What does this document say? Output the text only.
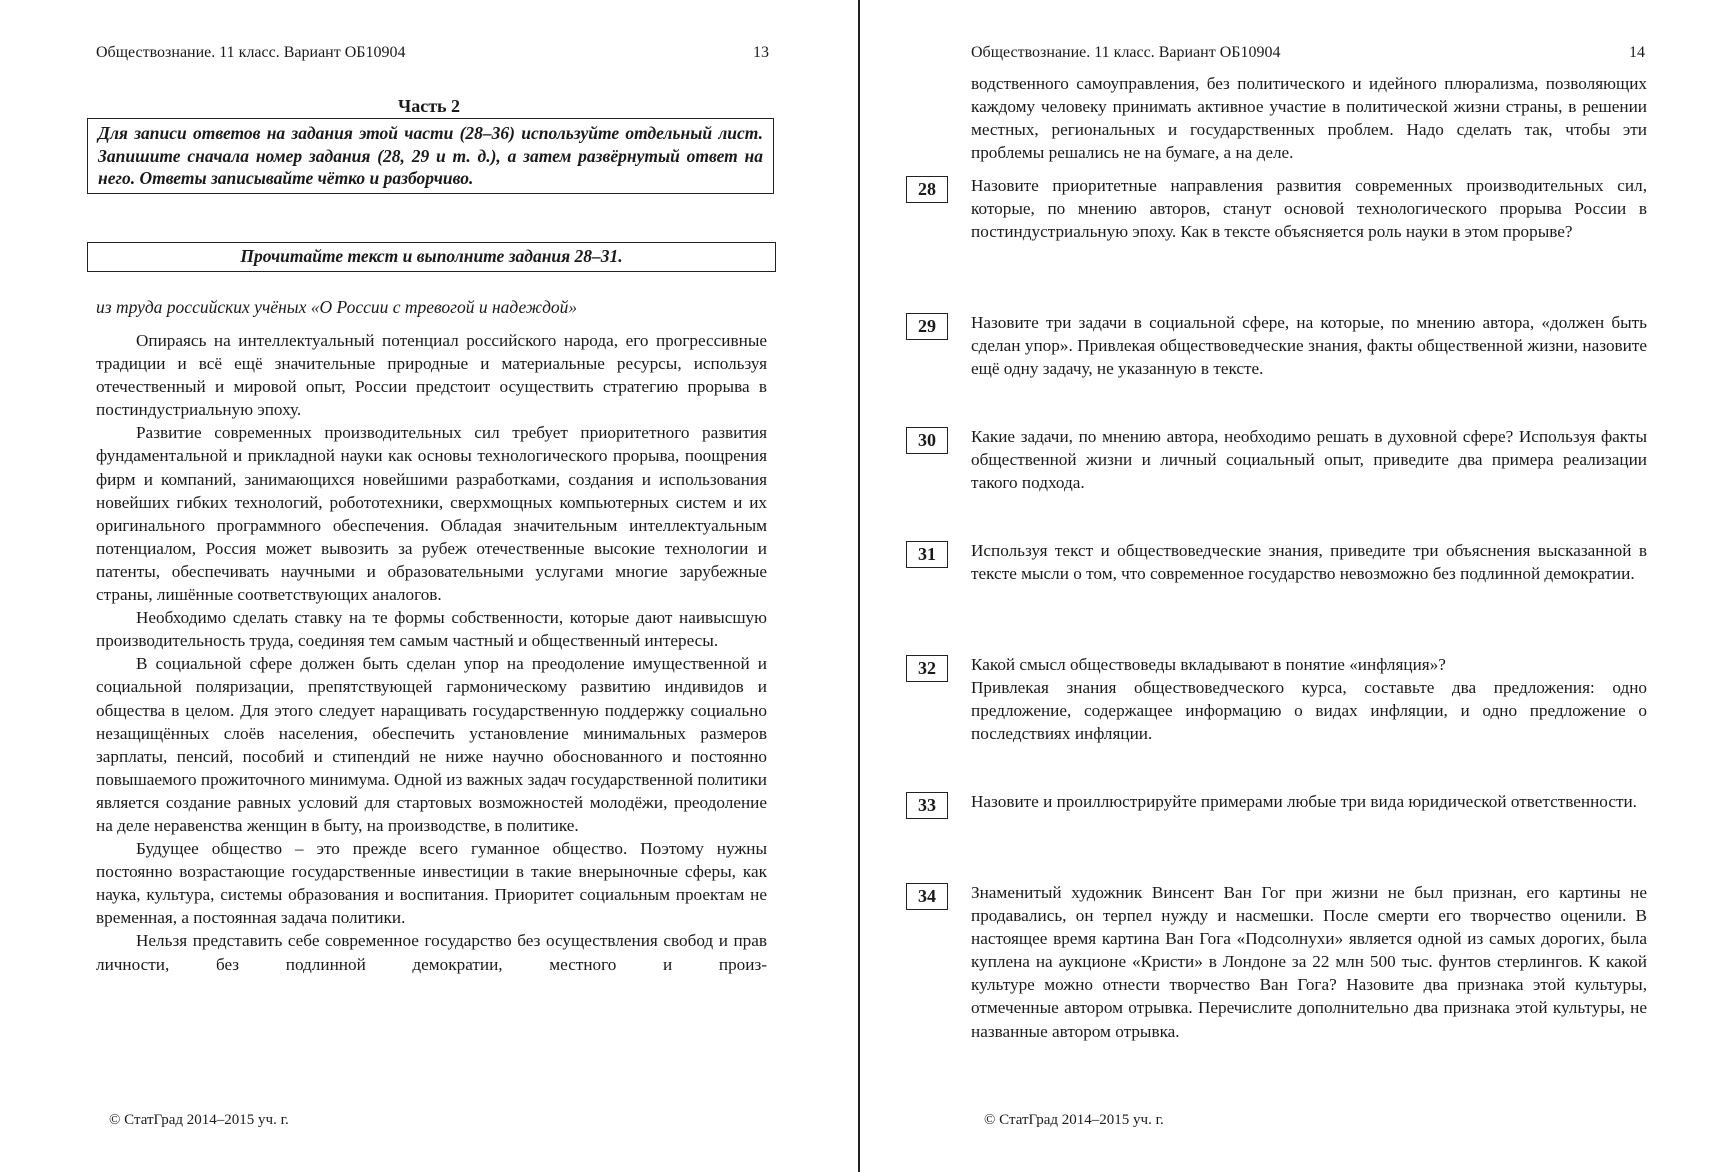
Обществознание. 11 класс. Вариант ОБ10904	13
Часть 2
Для записи ответов на задания этой части (28–36) используйте отдельный лист. Запишите сначала номер задания (28, 29 и т. д.), а затем развёрнутый ответ на него. Ответы записывайте чётко и разборчиво.
Прочитайте текст и выполните задания 28–31.
из труда российских учёных «О России с тревогой и надеждой»

Опираясь на интеллектуальный потенциал российского народа, его прогрессивные традиции и всё ещё значительные природные и материальные ресурсы, используя отечественный и мировой опыт, России предстоит осуществить стратегию прорыва в постиндустриальную эпоху.

Развитие современных производительных сил требует приоритетного развития фундаментальной и прикладной науки как основы технологического прорыва, поощрения фирм и компаний, занимающихся новейшими разработками, создания и использования новейших гибких технологий, робототехники, сверхмощных компьютерных систем и их оригинального программного обеспечения. Обладая значительным интеллектуальным потенциалом, Россия может вывозить за рубеж отечественные высокие технологии и патенты, обеспечивать научными и образовательными услугами многие зарубежные страны, лишённые соответствующих аналогов.

Необходимо сделать ставку на те формы собственности, которые дают наивысшую производительность труда, соединяя тем самым частный и общественный интересы.

В социальной сфере должен быть сделан упор на преодоление имущественной и социальной поляризации, препятствующей гармоническому развитию индивидов и общества в целом. Для этого следует наращивать государственную поддержку социально незащищённых слоёв населения, обеспечить установление минимальных размеров зарплаты, пенсий, пособий и стипендий не ниже научно обоснованного и постоянно повышаемого прожиточного минимума. Одной из важных задач государственной политики является создание равных условий для стартовых возможностей молодёжи, преодоление на деле неравенства женщин в быту, на производстве, в политике.

Будущее общество – это прежде всего гуманное общество. Поэтому нужны постоянно возрастающие государственные инвестиции в такие внерыночные сферы, как наука, культура, системы образования и воспитания. Приоритет социальным проектам не временная, а постоянная задача политики.

Нельзя представить себе современное государство без осуществления свобод и прав личности, без подлинной демократии, местного и произ-

© СтатГрад 2014–2015 уч. г.
Обществознание. 11 класс. Вариант ОБ10904	14
водственного самоуправления, без политического и идейного плюрализма, позволяющих каждому человеку принимать активное участие в политической жизни страны, в решении местных, региональных и государственных проблем. Надо сделать так, чтобы эти проблемы решались не на бумаге, а на деле.
28	Назовите приоритетные направления развития современных производительных сил, которые, по мнению авторов, станут основой технологического прорыва России в постиндустриальную эпоху. Как в тексте объясняется роль науки в этом прорыве?
29	Назовите три задачи в социальной сфере, на которые, по мнению автора, «должен быть сделан упор». Привлекая обществоведческие знания, факты общественной жизни, назовите ещё одну задачу, не указанную в тексте.
30	Какие задачи, по мнению автора, необходимо решать в духовной сфере? Используя факты общественной жизни и личный социальный опыт, приведите два примера реализации такого подхода.
31	Используя текст и обществоведческие знания, приведите три объяснения высказанной в тексте мысли о том, что современное государство невозможно без подлинной демократии.
32	Какой смысл обществоведы вкладывают в понятие «инфляция»?
Привлекая знания обществоведческого курса, составьте два предложения: одно предложение, содержащее информацию о видах инфляции, и одно предложение о последствиях инфляции.
33	Назовите и проиллюстрируйте примерами любые три вида юридической ответственности.
34	Знаменитый художник Винсент Ван Гог при жизни не был признан, его картины не продавались, он терпел нужду и насмешки. После смерти его творчество оценили. В настоящее время картина Ван Гога «Подсолнухи» является одной из самых дорогих, была куплена на аукционе «Кристи» в Лондоне за 22 млн 500 тыс. фунтов стерлингов. К какой культуре можно отнести творчество Ван Гога? Назовите два признака этой культуры, отмеченные автором отрывка. Перечислите дополнительно два признака этой культуры, не названные автором отрывка.
© СтатГрад 2014–2015 уч. г.
